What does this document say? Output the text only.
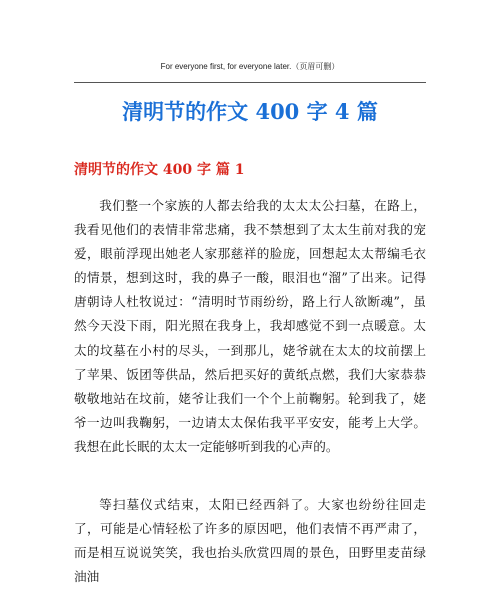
For everyone first, for everyone later.（页眉可删）
清明节的作文 400 字 4 篇
清明节的作文 400 字 篇 1

我们整一个家族的人都去给我的太太太公扫墓，在路上，我看见他们的表情非常悲痛，我不禁想到了太太生前对我的宠爱，眼前浮现出她老人家那慈祥的脸庞，回想起太太帮编毛衣的情景，想到这时，我的鼻子一酸，眼泪也“溜”了出来。记得唐朝诗人杜牧说过：“清明时节雨纷纷，路上行人欲断魂”，虽然今天没下雨，阳光照在我身上，我却感觉不到一点暖意。太太的坟墓在小村的尽头，一到那儿，姥爷就在太太的坟前摆上了苹果、饭团等供品，然后把买好的黄纸点燃，我们大家恭恭敬敬地站在坟前，姥爷让我们一个个上前鞠躬。轮到我了，姥爷一边叫我鞠躬，一边请太太保佑我平平安安，能考上大学。我想在此长眠的太太一定能够听到我的心声的。

等扫墓仪式结束，太阳已经西斜了。大家也纷纷往回走了，可能是心情轻松了许多的原因吧，他们表情不再严肃了，而是相互说说笑笑，我也抬头欣赏四周的景色，田野里麦苗绿油油
